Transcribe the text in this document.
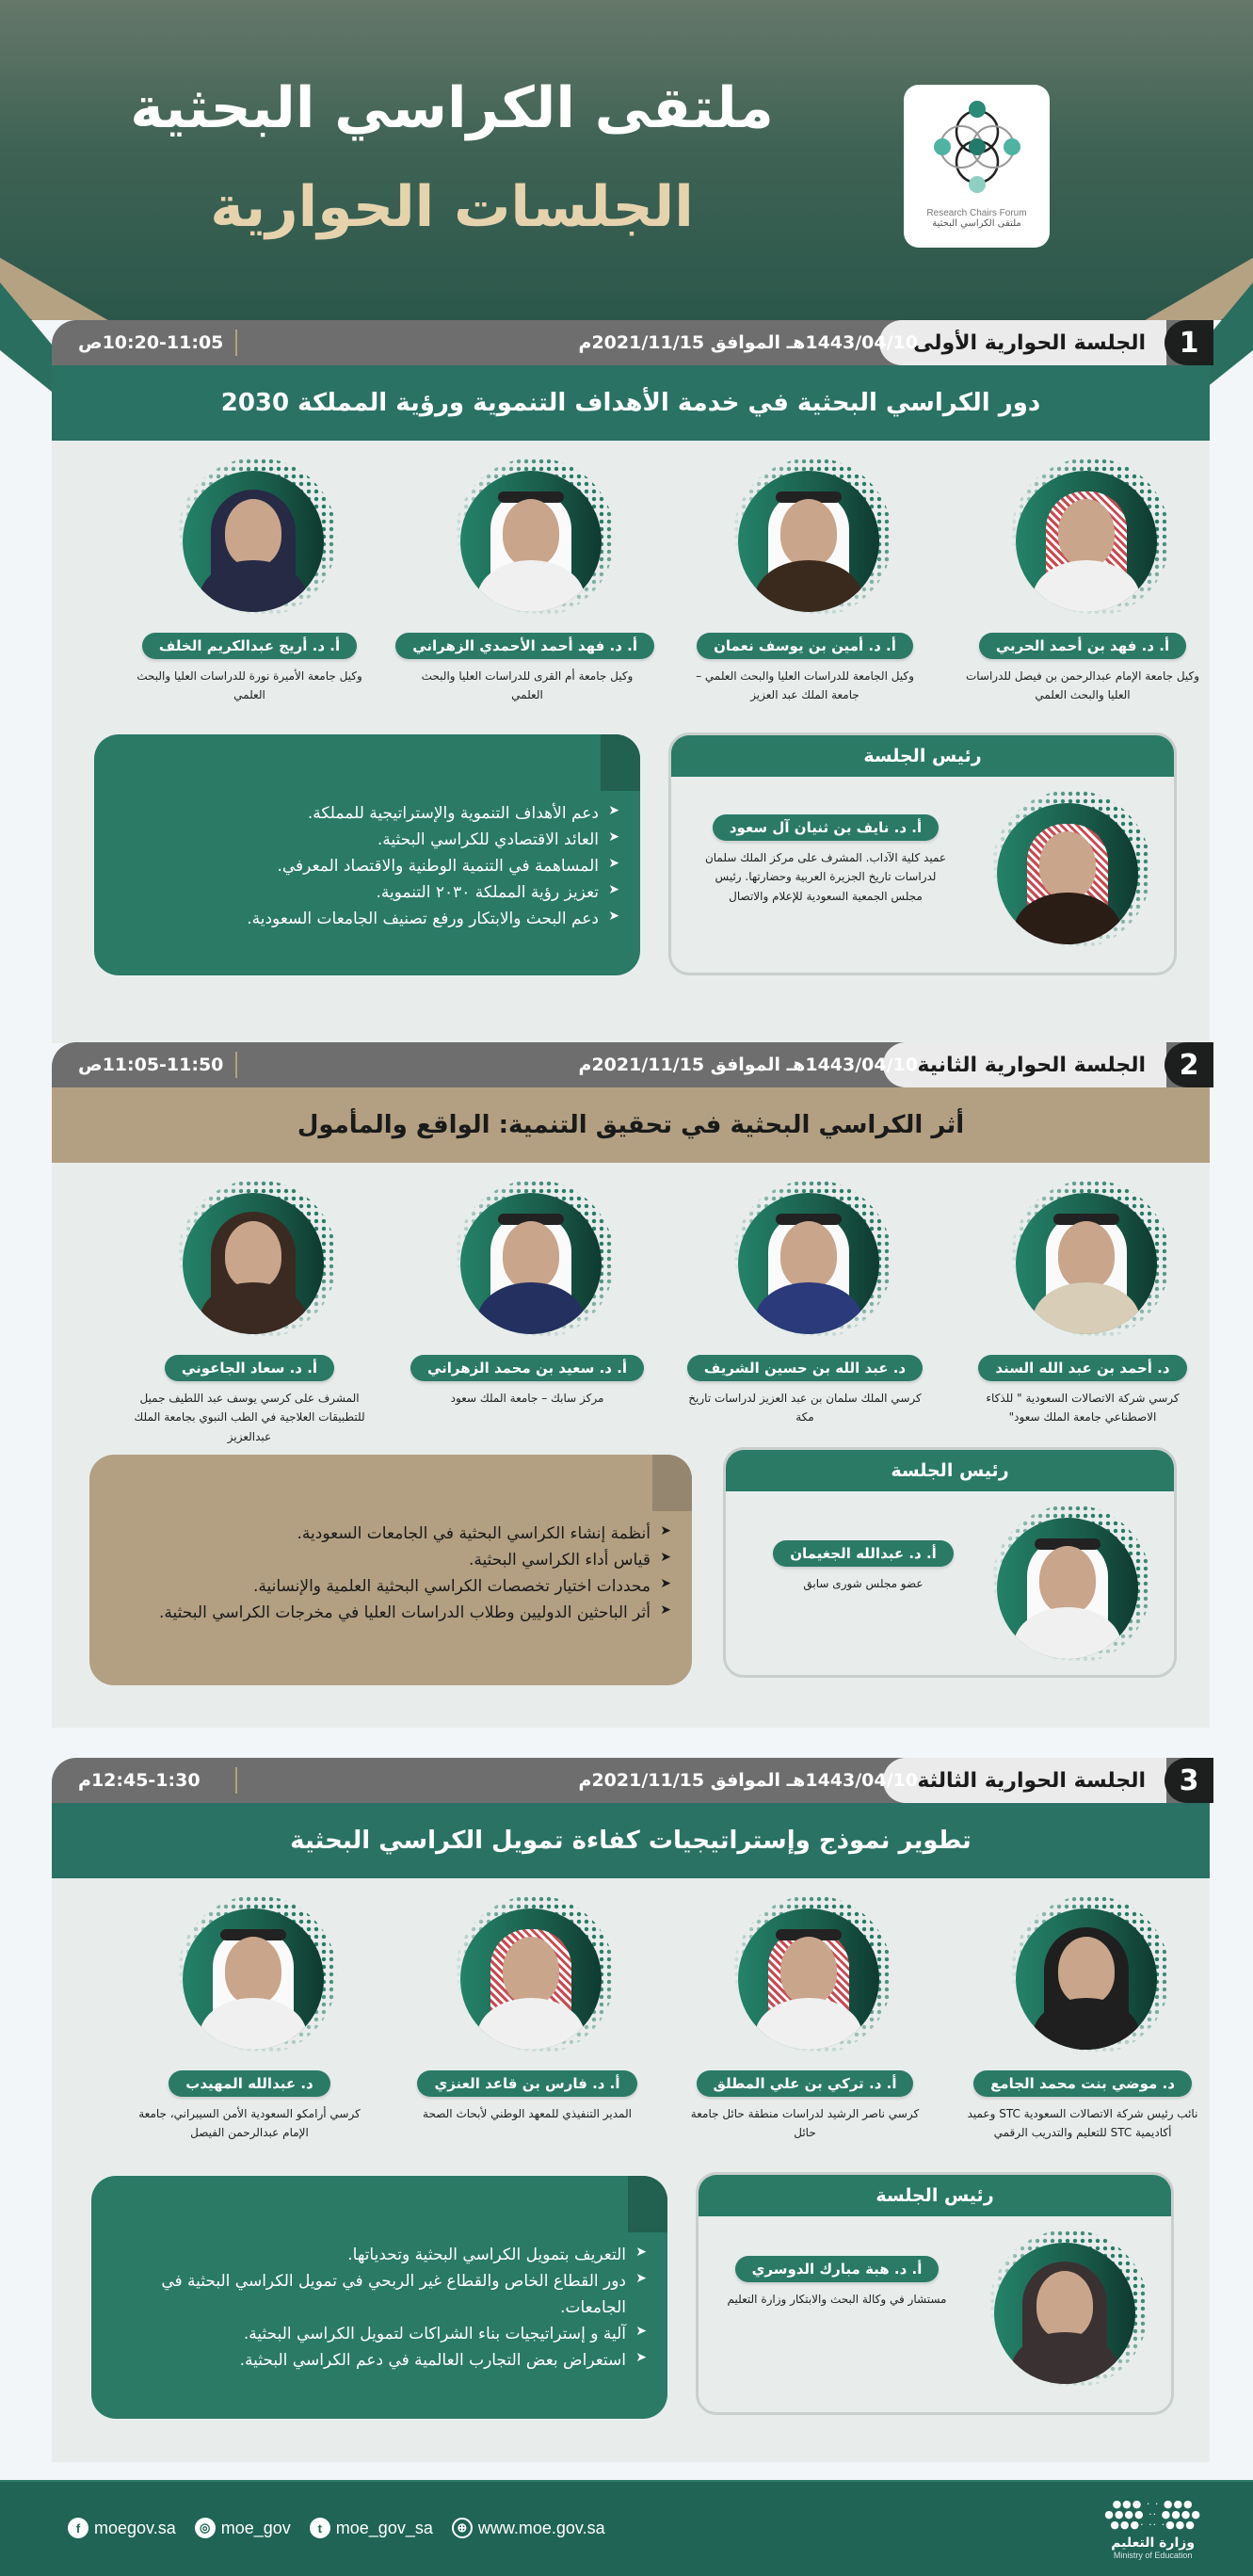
ملتقى الكراسي البحثية
الجلسات الحوارية	Research Chairs Forum
ملتقى الكراسي البحثية
الجلسة الحوارية الأولى	1
1443/04/10هـ الموافق 2021/11/15م
10:20-11:05ص
دور الكراسي البحثية في خدمة الأهداف التنموية ورؤية المملكة 2030
أ. د. فهد بن أحمد الحربي
وكيل جامعة الإمام عبدالرحمن بن فيصل للدراسات العليا والبحث العلمي
أ. د. أمين بن يوسف نعمان
وكيل الجامعة للدراسات العليا والبحث العلمي – جامعة الملك عبد العزيز
أ. د. فهد أحمد الأحمدي الزهراني
وكيل جامعة أم القرى للدراسات العليا والبحث العلمي
أ. د. أريج عبدالكريم الخلف
وكيل جامعة الأميرة نورة للدراسات العليا والبحث العلمي
رئيس الجلسة
أ. د. نايف بن ثنيان آل سعود
عميد كلية الآداب. المشرف على مركز الملك سلمان لدراسات تاريخ الجزيرة العربية وحضارتها. رئيس مجلس الجمعية السعودية للإعلام والاتصال
➤
دعم الأهداف التنموية والإستراتيجية للمملكة.
➤
العائد الاقتصادي للكراسي البحثية.
➤
المساهمة في التنمية الوطنية والاقتصاد المعرفي.
➤
تعزيز رؤية المملكة ٢٠٣٠ التنموية.
➤
دعم البحث والابتكار ورفع تصنيف الجامعات السعودية.
الجلسة الحوارية الثانية	2
1443/04/10هـ الموافق 2021/11/15م
11:05-11:50ص
أثر الكراسي البحثية في تحقيق التنمية: الواقع والمأمول
د. أحمد بن عبد الله السند
كرسي شركة الاتصالات السعودية " للذكاء الاصطناعي جامعة الملك سعود"
د. عبد الله بن حسين الشريف
كرسي الملك سلمان بن عبد العزيز لدراسات تاريخ مكة
أ. د. سعيد بن محمد الزهراني
مركز سابك – جامعة الملك سعود
أ. د. سعاد الجاعوني
المشرف على كرسي يوسف عبد اللطيف جميل للتطبيقات العلاجية في الطب النبوي بجامعة الملك عبدالعزيز
رئيس الجلسة
أ. د. عبدالله الجغيمان
عضو مجلس شورى سابق
➤
أنظمة إنشاء الكراسي البحثية في الجامعات السعودية.
➤
قياس أداء الكراسي البحثية.
➤
محددات اختيار تخصصات الكراسي البحثية العلمية والإنسانية.
➤
أثر الباحثين الدوليين وطلاب الدراسات العليا في مخرجات الكراسي البحثية.
الجلسة الحوارية الثالثة	3
1443/04/10هـ الموافق 2021/11/15م
12:45-1:30م
تطوير نموذج وإستراتيجيات كفاءة تمويل الكراسي البحثية
د. موضي بنت محمد الجامع
نائب رئيس شركة الاتصالات السعودية STC وعميد أكاديمية STC للتعليم والتدريب الرقمي
أ. د. تركي بن علي المطلق
كرسي ناصر الرشيد لدراسات منطقة حائل جامعة حائل
أ. د. فارس بن قاعد العنزي
المدير التنفيذي للمعهد الوطني لأبحاث الصحة
د. عبدالله المهيدب
كرسي أرامكو السعودية الأمن السيبراني، جامعة الإمام عبدالرحمن الفيصل
رئيس الجلسة
أ. د. هبة مبارك الدوسري
مستشار في وكالة البحث والابتكار وزارة التعليم
➤
التعريف بتمويل الكراسي البحثية وتحدياتها.
➤
دور القطاع الخاص والقطاع غير الربحي في تمويل الكراسي البحثية في الجامعات.
➤
آلية و إستراتيجيات بناء الشراكات لتمويل الكراسي البحثية.
➤
استعراض بعض التجارب العالمية في دعم الكراسي البحثية.
f moegov.sa	◎ moe_gov	t moe_gov_sa	⊕ www.moe.gov.sa
●●● · · ●●●
●●●● ·· ●●●●
●●●· ·· ·●●●
وزارة التعليم
Ministry of Education
